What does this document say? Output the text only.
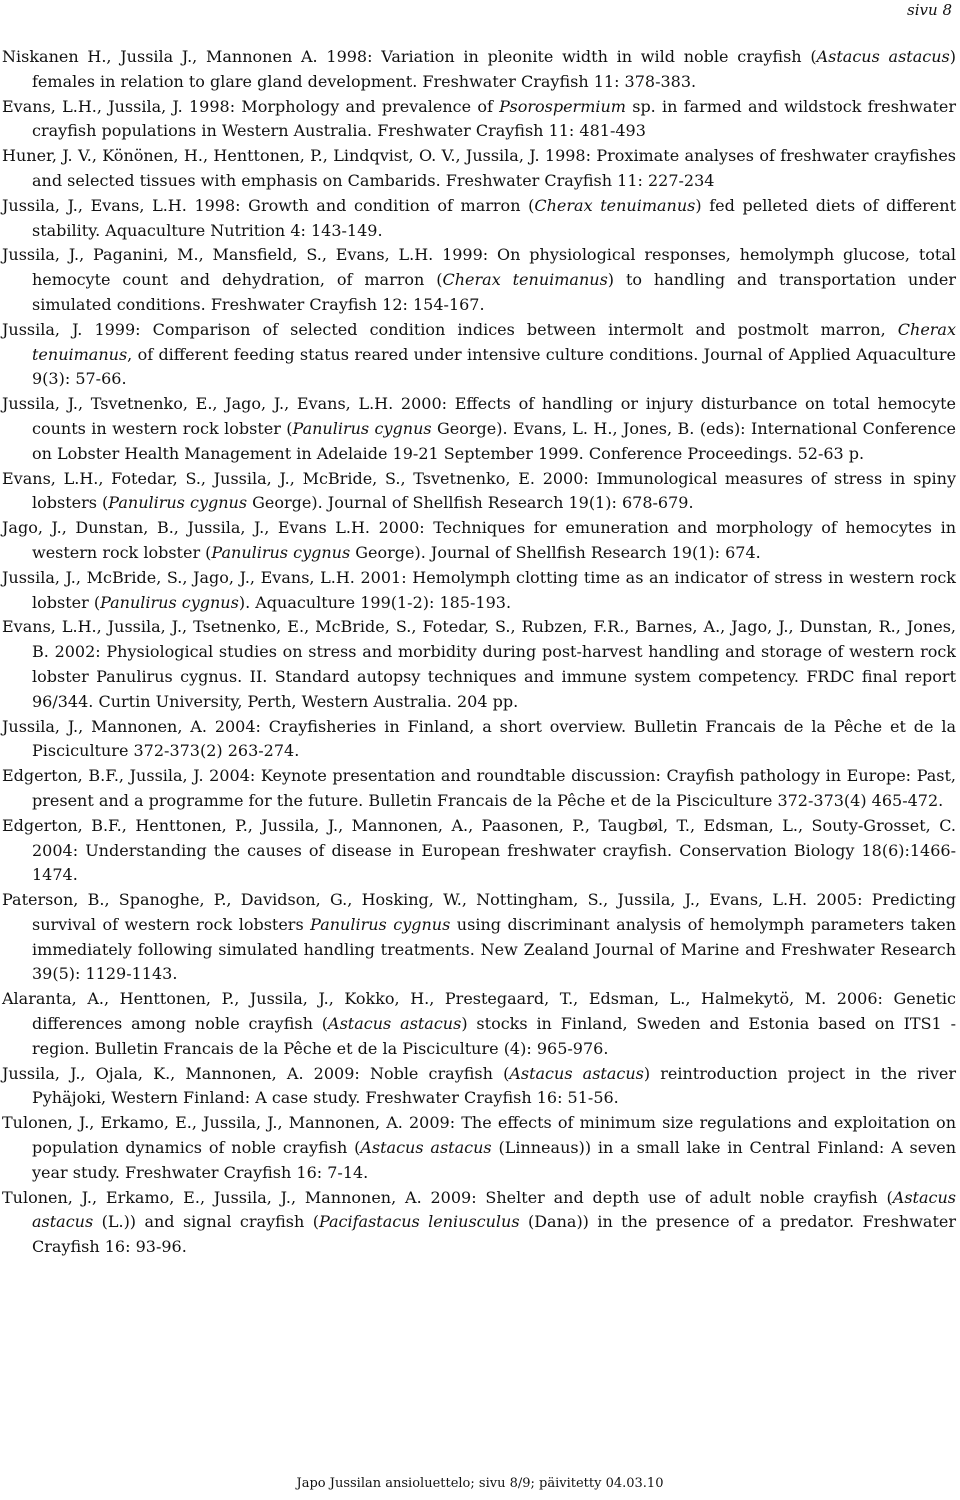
sivu 8
Niskanen H., Jussila J., Mannonen A. 1998: Variation in pleonite width in wild noble crayfish (Astacus astacus) females in relation to glare gland development. Freshwater Crayfish 11: 378-383.
Evans, L.H., Jussila, J. 1998: Morphology and prevalence of Psorospermium sp. in farmed and wildstock freshwater crayfish populations in Western Australia. Freshwater Crayfish 11: 481-493
Huner, J. V., Könönen, H., Henttonen, P., Lindqvist, O. V., Jussila, J. 1998: Proximate analyses of freshwater crayfishes and selected tissues with emphasis on Cambarids. Freshwater Crayfish 11: 227-234
Jussila, J., Evans, L.H. 1998: Growth and condition of marron (Cherax tenuimanus) fed pelleted diets of different stability. Aquaculture Nutrition 4: 143-149.
Jussila, J., Paganini, M., Mansfield, S., Evans, L.H. 1999: On physiological responses, hemolymph glucose, total hemocyte count and dehydration, of marron (Cherax tenuimanus) to handling and transportation under simulated conditions. Freshwater Crayfish 12: 154-167.
Jussila, J. 1999: Comparison of selected condition indices between intermolt and postmolt marron, Cherax tenuimanus, of different feeding status reared under intensive culture conditions. Journal of Applied Aquaculture 9(3): 57-66.
Jussila, J., Tsvetnenko, E., Jago, J., Evans, L.H. 2000: Effects of handling or injury disturbance on total hemocyte counts in western rock lobster (Panulirus cygnus George). Evans, L. H., Jones, B. (eds): International Conference on Lobster Health Management in Adelaide 19-21 September 1999. Conference Proceedings. 52-63 p.
Evans, L.H., Fotedar, S., Jussila, J., McBride, S., Tsvetnenko, E. 2000: Immunological measures of stress in spiny lobsters (Panulirus cygnus George). Journal of Shellfish Research 19(1): 678-679.
Jago, J., Dunstan, B., Jussila, J., Evans L.H. 2000: Techniques for emuneration and morphology of hemocytes in western rock lobster (Panulirus cygnus George). Journal of Shellfish Research 19(1): 674.
Jussila, J., McBride, S., Jago, J., Evans, L.H. 2001: Hemolymph clotting time as an indicator of stress in western rock lobster (Panulirus cygnus). Aquaculture 199(1-2): 185-193.
Evans, L.H., Jussila, J., Tsetnenko, E., McBride, S., Fotedar, S., Rubzen, F.R., Barnes, A., Jago, J., Dunstan, R., Jones, B. 2002: Physiological studies on stress and morbidity during post-harvest handling and storage of western rock lobster Panulirus cygnus. II. Standard autopsy techniques and immune system competency. FRDC final report 96/344. Curtin University, Perth, Western Australia. 204 pp.
Jussila, J., Mannonen, A. 2004: Crayfisheries in Finland, a short overview. Bulletin Francais de la Pêche et de la Pisciculture 372-373(2) 263-274.
Edgerton, B.F., Jussila, J. 2004: Keynote presentation and roundtable discussion: Crayfish pathology in Europe: Past, present and a programme for the future. Bulletin Francais de la Pêche et de la Pisciculture 372-373(4) 465-472.
Edgerton, B.F., Henttonen, P., Jussila, J., Mannonen, A., Paasonen, P., Taugbøl, T., Edsman, L., Souty-Grosset, C. 2004: Understanding the causes of disease in European freshwater crayfish. Conservation Biology 18(6):1466-1474.
Paterson, B., Spanoghe, P., Davidson, G., Hosking, W., Nottingham, S., Jussila, J., Evans, L.H. 2005: Predicting survival of western rock lobsters Panulirus cygnus using discriminant analysis of hemolymph parameters taken immediately following simulated handling treatments. New Zealand Journal of Marine and Freshwater Research 39(5): 1129-1143.
Alaranta, A., Henttonen, P., Jussila, J., Kokko, H., Prestegaard, T., Edsman, L., Halmekytö, M. 2006: Genetic differences among noble crayfish (Astacus astacus) stocks in Finland, Sweden and Estonia based on ITS1 -region. Bulletin Francais de la Pêche et de la Pisciculture (4): 965-976.
Jussila, J., Ojala, K., Mannonen, A. 2009: Noble crayfish (Astacus astacus) reintroduction project in the river Pyhäjoki, Western Finland: A case study. Freshwater Crayfish 16: 51-56.
Tulonen, J., Erkamo, E., Jussila, J., Mannonen, A. 2009: The effects of minimum size regulations and exploitation on population dynamics of noble crayfish (Astacus astacus (Linneaus)) in a small lake in Central Finland: A seven year study. Freshwater Crayfish 16: 7-14.
Tulonen, J., Erkamo, E., Jussila, J., Mannonen, A. 2009: Shelter and depth use of adult noble crayfish (Astacus astacus (L.)) and signal crayfish (Pacifastacus leniusculus (Dana)) in the presence of a predator. Freshwater Crayfish 16: 93-96.
Japo Jussilan ansioluettelo; sivu 8/9; päivitetty 04.03.10
